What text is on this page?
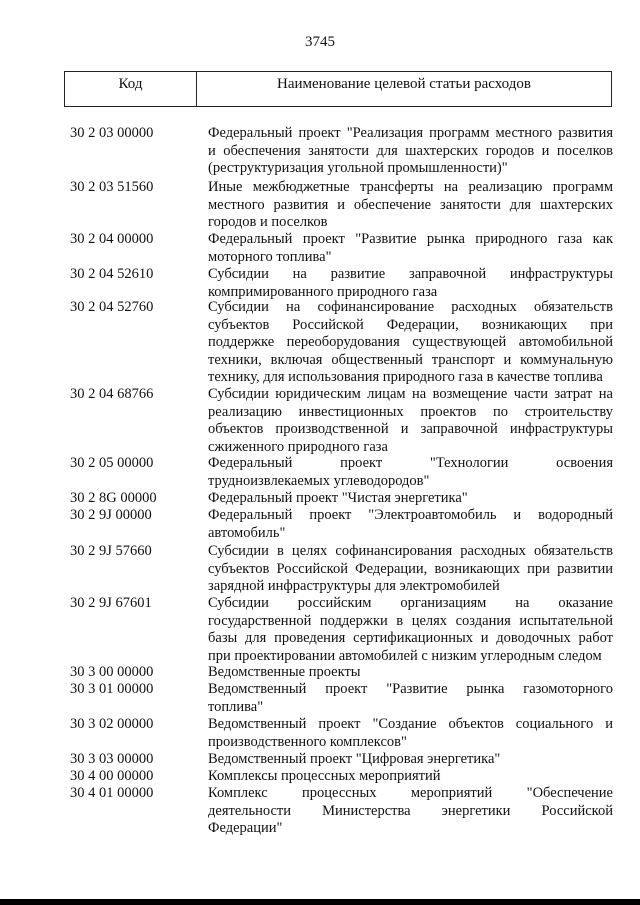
3745
Код	Наименование целевой статьи расходов
30 2 03 00000	Федеральный проект "Реализация программ местного развития
и обеспечения занятости для шахтерских городов и поселков
(реструктуризация угольной промышленности)"
30 2 03 51560	Иные межбюджетные трансферты на реализацию программ
местного развития и обеспечение занятости для шахтерских
городов и поселков
30 2 04 00000	Федеральный проект "Развитие рынка природного газа как
моторного топлива"
30 2 04 52610	Субсидии на развитие заправочной инфраструктуры
компримированного природного газа
30 2 04 52760	Субсидии на софинансирование расходных обязательств
субъектов Российской Федерации, возникающих при
поддержке переоборудования существующей автомобильной
техники, включая общественный транспорт и коммунальную
технику, для использования природного газа в качестве топлива
30 2 04 68766	Субсидии юридическим лицам на возмещение части затрат на
реализацию инвестиционных проектов по строительству
объектов производственной и заправочной инфраструктуры
сжиженного природного газа
30 2 05 00000	Федеральный проект "Технологии освоения
трудноизвлекаемых углеводородов"
30 2 8G 00000	Федеральный проект "Чистая энергетика"
30 2 9J 00000	Федеральный проект "Электроавтомобиль и водородный
автомобиль"
30 2 9J 57660	Субсидии в целях софинансирования расходных обязательств
субъектов Российской Федерации, возникающих при развитии
зарядной инфраструктуры для электромобилей
30 2 9J 67601	Субсидии российским организациям на оказание
государственной поддержки в целях создания испытательной
базы для проведения сертификационных и доводочных работ
при проектировании автомобилей с низким углеродным следом
30 3 00 00000	Ведомственные проекты
30 3 01 00000	Ведомственный проект "Развитие рынка газомоторного
топлива"
30 3 02 00000	Ведомственный проект "Создание объектов социального и
производственного комплексов"
30 3 03 00000	Ведомственный проект "Цифровая энергетика"
30 4 00 00000	Комплексы процессных мероприятий
30 4 01 00000	Комплекс процессных мероприятий "Обеспечение
деятельности Министерства энергетики Российской
Федерации"
